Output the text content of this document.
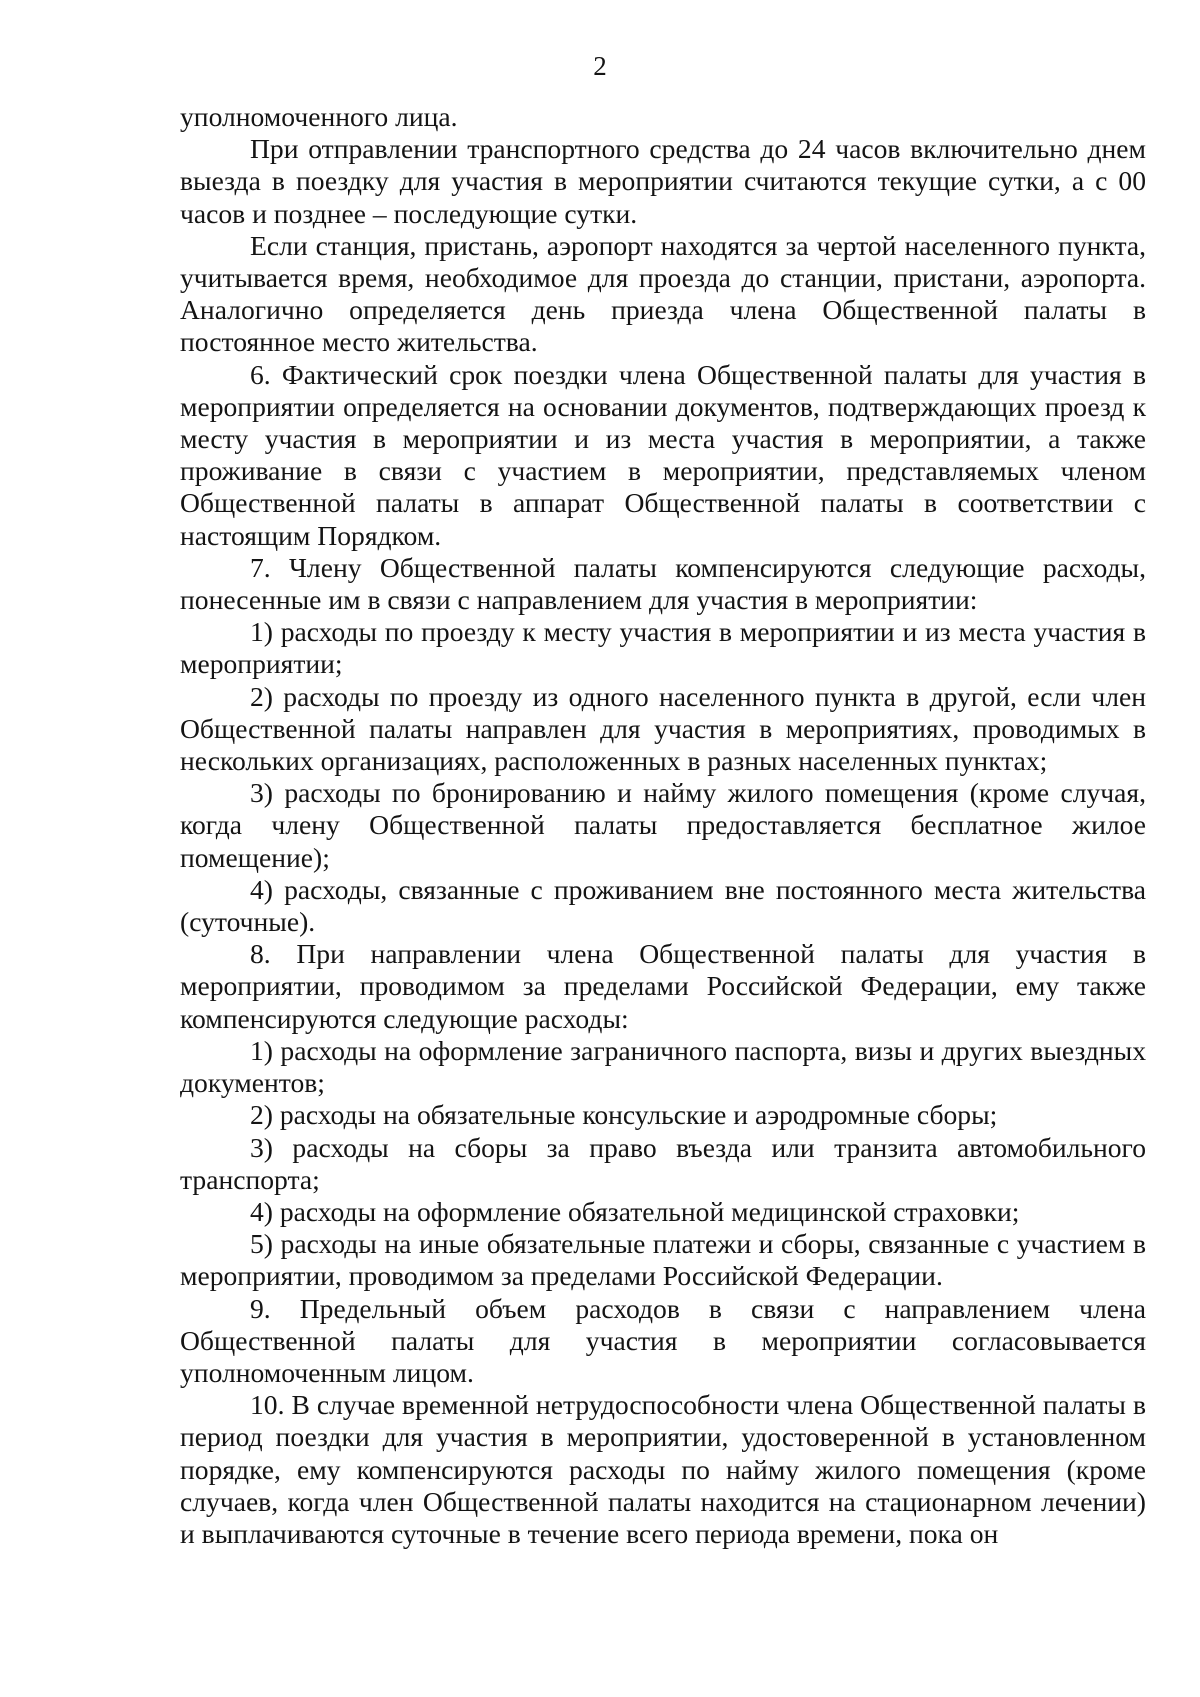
2

уполномоченного лица.

При отправлении транспортного средства до 24 часов включительно днем выезда в поездку для участия в мероприятии считаются текущие сутки, а с 00 часов и позднее – последующие сутки.

Если станция, пристань, аэропорт находятся за чертой населенного пункта, учитывается время, необходимое для проезда до станции, пристани, аэропорта. Аналогично определяется день приезда члена Общественной палаты в постоянное место жительства.

6. Фактический срок поездки члена Общественной палаты для участия в мероприятии определяется на основании документов, подтверждающих проезд к месту участия в мероприятии и из места участия в мероприятии, а также проживание в связи с участием в мероприятии, представляемых членом Общественной палаты в аппарат Общественной палаты в соответствии с настоящим Порядком.

7. Члену Общественной палаты компенсируются следующие расходы, понесенные им в связи с направлением для участия в мероприятии:

1) расходы по проезду к месту участия в мероприятии и из места участия в мероприятии;

2) расходы по проезду из одного населенного пункта в другой, если член Общественной палаты направлен для участия в мероприятиях, проводимых в нескольких организациях, расположенных в разных населенных пунктах;

3) расходы по бронированию и найму жилого помещения (кроме случая, когда члену Общественной палаты предоставляется бесплатное жилое помещение);

4) расходы, связанные с проживанием вне постоянного места жительства (суточные).

8. При направлении члена Общественной палаты для участия в мероприятии, проводимом за пределами Российской Федерации, ему также компенсируются следующие расходы:

1) расходы на оформление заграничного паспорта, визы и других выездных документов;

2) расходы на обязательные консульские и аэродромные сборы;

3) расходы на сборы за право въезда или транзита автомобильного транспорта;

4) расходы на оформление обязательной медицинской страховки;

5) расходы на иные обязательные платежи и сборы, связанные с участием в мероприятии, проводимом за пределами Российской Федерации.

9. Предельный объем расходов в связи с направлением члена Общественной палаты для участия в мероприятии согласовывается уполномоченным лицом.

10. В случае временной нетрудоспособности члена Общественной палаты в период поездки для участия в мероприятии, удостоверенной в установленном порядке, ему компенсируются расходы по найму жилого помещения (кроме случаев, когда член Общественной палаты находится на стационарном лечении) и выплачиваются суточные в течение всего периода времени, пока он
